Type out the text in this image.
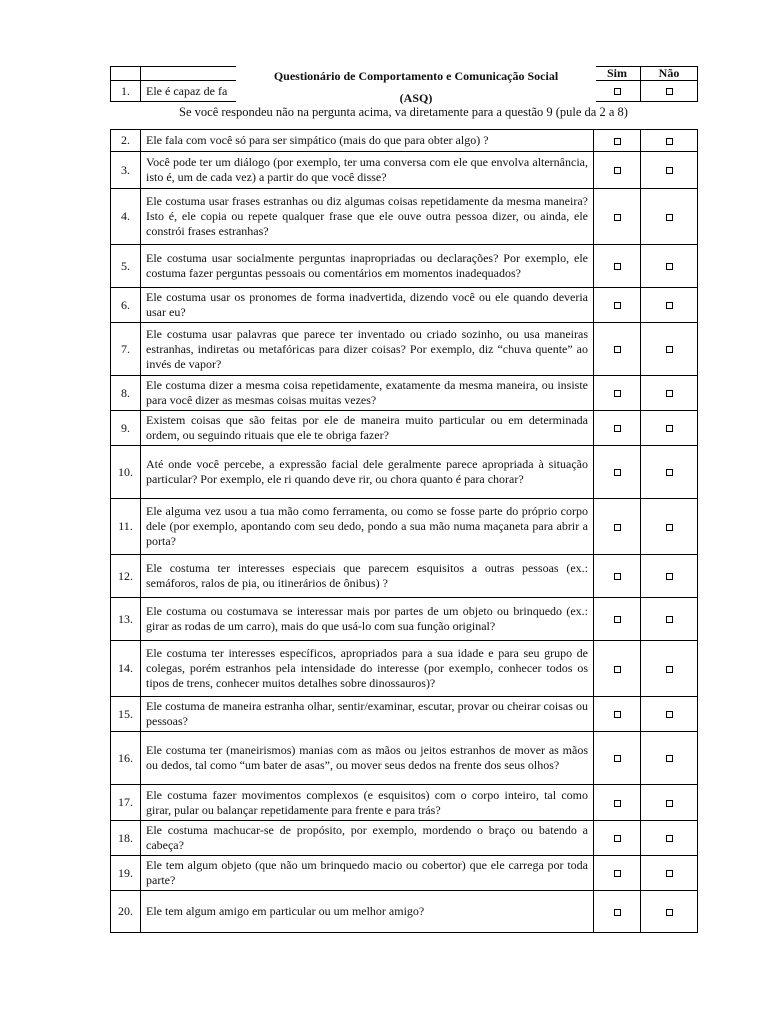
		Sim	Não
1.	Ele é capaz de fa		
Questionário de Comportamento e Comunicação Social
(ASQ)
Se você respondeu não na pergunta acima, va diretamente para a questão 9 (pule da 2 a 8)
2.	Ele fala com você só para ser simpático (mais do que para obter algo) ?		
3.	Você pode ter um diálogo (por exemplo, ter uma conversa com ele que envolva alternância, isto é, um de cada vez) a partir do que você disse?		
4.	Ele costuma usar frases estranhas ou diz algumas coisas repetidamente da mesma maneira? Isto é, ele copia ou repete qualquer frase que ele ouve outra pessoa dizer, ou ainda, ele constrói frases estranhas?		
5.	Ele costuma usar socialmente perguntas inapropriadas ou declarações? Por exemplo, ele costuma fazer perguntas pessoais ou comentários em momentos inadequados?		
6.	Ele costuma usar os pronomes de forma inadvertida, dizendo você ou ele quando deveria usar eu?		
7.	Ele costuma usar palavras que parece ter inventado ou criado sozinho, ou usa maneiras estranhas, indiretas ou metafóricas para dizer coisas? Por exemplo, diz “chuva quente” ao invés de vapor?		
8.	Ele costuma dizer a mesma coisa repetidamente, exatamente da mesma maneira, ou insiste para você dizer as mesmas coisas muitas vezes?		
9.	Existem coisas que são feitas por ele de maneira muito particular ou em determinada ordem, ou seguindo rituais que ele te obriga fazer?		
10.	Até onde você percebe, a expressão facial dele geralmente parece apropriada à situação particular? Por exemplo, ele ri quando deve rir, ou chora quanto é para chorar?		
11.	Ele alguma vez usou a tua mão como ferramenta, ou como se fosse parte do próprio corpo dele (por exemplo, apontando com seu dedo, pondo a sua mão numa maçaneta para abrir a porta?		
12.	Ele costuma ter interesses especiais que parecem esquisitos a outras pessoas (ex.: semáforos, ralos de pia, ou itinerários de ônibus) ?		
13.	Ele costuma ou costumava se interessar mais por partes de um objeto ou brinquedo (ex.: girar as rodas de um carro), mais do que usá-lo com sua função original?		
14.	Ele costuma ter interesses específicos, apropriados para a sua idade e para seu grupo de colegas, porém estranhos pela intensidade do interesse (por exemplo, conhecer todos os tipos de trens, conhecer muitos detalhes sobre dinossauros)?		
15.	Ele costuma de maneira estranha olhar, sentir/examinar, escutar, provar ou cheirar coisas ou pessoas?		
16.	Ele costuma ter (maneirismos) manias com as mãos ou jeitos estranhos de mover as mãos ou dedos, tal como “um bater de asas”, ou mover seus dedos na frente dos seus olhos?		
17.	Ele costuma fazer movimentos complexos (e esquisitos) com o corpo inteiro, tal como girar, pular ou balançar repetidamente para frente e para trás?		
18.	Ele costuma machucar-se de propósito, por exemplo, mordendo o braço ou batendo a cabeça?		
19.	Ele tem algum objeto (que não um brinquedo macio ou cobertor) que ele carrega por toda parte?		
20.	Ele tem algum amigo em particular ou um melhor amigo?		
